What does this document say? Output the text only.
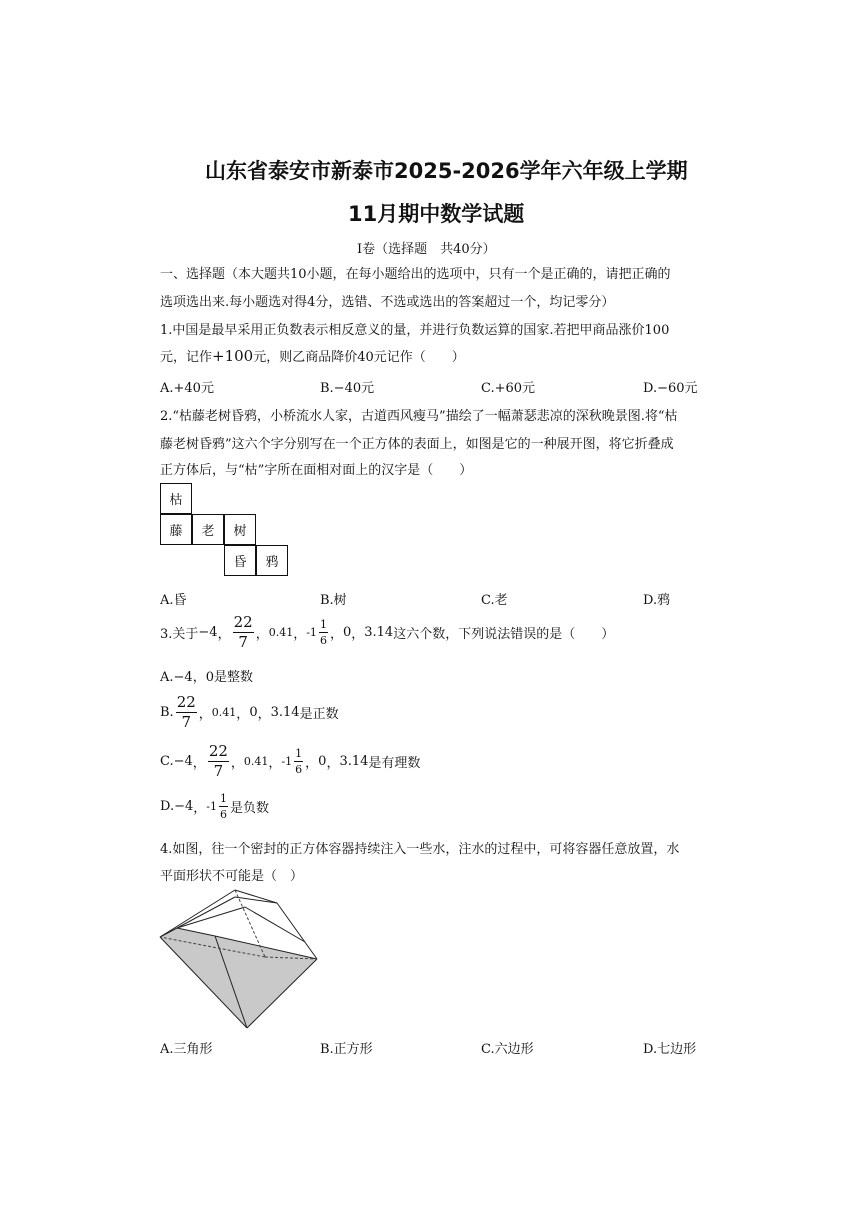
山东省泰安市新泰市2025-2026学年六年级上学期
11月期中数学试题
Ⅰ卷（选择题　共40分）
一、选择题（本大题共10小题，在每小题给出的选项中，只有一个是正确的，请把正确的
选项选出来.每小题选对得4分，选错、不选或选出的答案超过一个，均记零分）
1.中国是最早采用正负数表示相反意义的量，并进行负数运算的国家.若把甲商品涨价100
元，记作+100元，则乙商品降价40元记作（　　）
A.+40元	B.−40元	C.+60元	D.−60元
2.“枯藤老树昏鸦，小桥流水人家，古道西风瘦马”描绘了一幅萧瑟悲凉的深秋晚景图.将“枯
藤老树昏鸦”这六个字分别写在一个正方体的表面上，如图是它的一种展开图，将它折叠成
正方体后，与“枯”字所在面相对面上的汉字是（　　）
枯
藤	老	树
昏	鸦
A.昏	B.树	C.老	D.鸦
3.关于 −4 ， $\frac{22}{7}$ ， 0.41 ， $-1 \frac{1}{6}$ ， 0 ， 3.14 这六个数，下列说法错误的是（　　）
A.−4，0是整数
B. $\frac{22}{7}$ ， 0.41 ， 0 ， 3.14 是正数
C. −4 ， $\frac{22}{7}$ ， 0.41 ， $-1 \frac{1}{6}$ ， 0 ， 3.14 是有理数
D. −4 ， $-1 \frac{1}{6}$ 是负数
4.如图，往一个密封的正方体容器持续注入一些水，注水的过程中，可将容器任意放置，水
平面形状不可能是（　）
A.三角形	B.正方形	C.六边形	D.七边形
